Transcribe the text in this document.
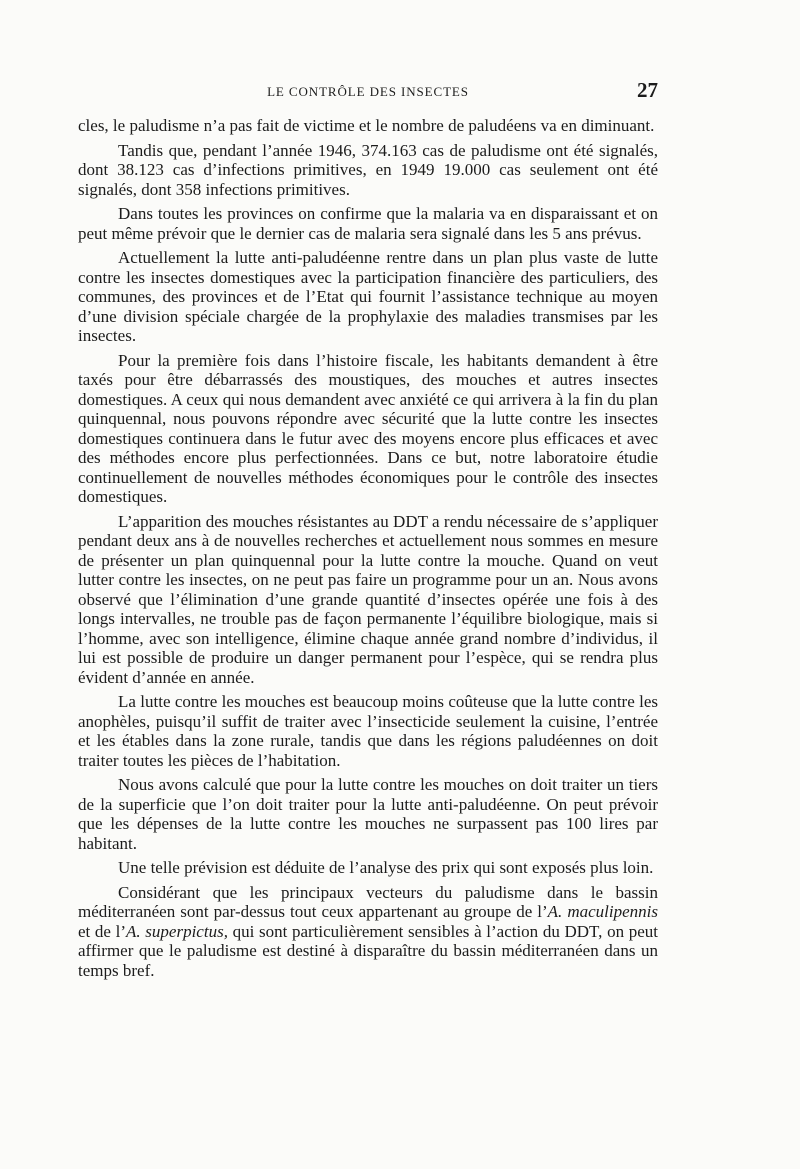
LE CONTRÔLE DES INSECTES	27

cles, le paludisme n’a pas fait de victime et le nombre de paludéens va en diminuant.

Tandis que, pendant l’année 1946, 374.163 cas de paludisme ont été signalés, dont 38.123 cas d’infections primitives, en 1949 19.000 cas seulement ont été signalés, dont 358 infections primitives.

Dans toutes les provinces on confirme que la malaria va en disparaissant et on peut même prévoir que le dernier cas de malaria sera signalé dans les 5 ans prévus.

Actuellement la lutte anti-paludéenne rentre dans un plan plus vaste de lutte contre les insectes domestiques avec la participation financière des particuliers, des communes, des provinces et de l’Etat qui fournit l’assistance technique au moyen d’une division spéciale chargée de la prophylaxie des maladies transmises par les insectes.

Pour la première fois dans l’histoire fiscale, les habitants demandent à être taxés pour être débarrassés des moustiques, des mouches et autres insectes domestiques. A ceux qui nous demandent avec anxiété ce qui arrivera à la fin du plan quinquennal, nous pouvons répondre avec sécurité que la lutte contre les insectes domestiques continuera dans le futur avec des moyens encore plus efficaces et avec des méthodes encore plus perfectionnées. Dans ce but, notre laboratoire étudie continuellement de nouvelles méthodes économiques pour le contrôle des insectes domestiques.

L’apparition des mouches résistantes au DDT a rendu nécessaire de s’appliquer pendant deux ans à de nouvelles recherches et actuellement nous sommes en mesure de présenter un plan quinquennal pour la lutte contre la mouche. Quand on veut lutter contre les insectes, on ne peut pas faire un programme pour un an. Nous avons observé que l’élimination d’une grande quantité d’insectes opérée une fois à des longs intervalles, ne trouble pas de façon permanente l’équilibre biologique, mais si l’homme, avec son intelligence, élimine chaque année grand nombre d’individus, il lui est possible de produire un danger permanent pour l’espèce, qui se rendra plus évident d’année en année.

La lutte contre les mouches est beaucoup moins coûteuse que la lutte contre les anophèles, puisqu’il suffit de traiter avec l’insecticide seulement la cuisine, l’entrée et les étables dans la zone rurale, tandis que dans les régions paludéennes on doit traiter toutes les pièces de l’habitation.

Nous avons calculé que pour la lutte contre les mouches on doit traiter un tiers de la superficie que l’on doit traiter pour la lutte anti-paludéenne. On peut prévoir que les dépenses de la lutte contre les mouches ne surpassent pas 100 lires par habitant.

Une telle prévision est déduite de l’analyse des prix qui sont exposés plus loin.

Considérant que les principaux vecteurs du paludisme dans le bassin méditerranéen sont par-dessus tout ceux appartenant au groupe de l’A. maculipennis et de l’A. superpictus, qui sont particulièrement sensibles à l’action du DDT, on peut affirmer que le paludisme est destiné à disparaître du bassin méditerranéen dans un temps bref.
